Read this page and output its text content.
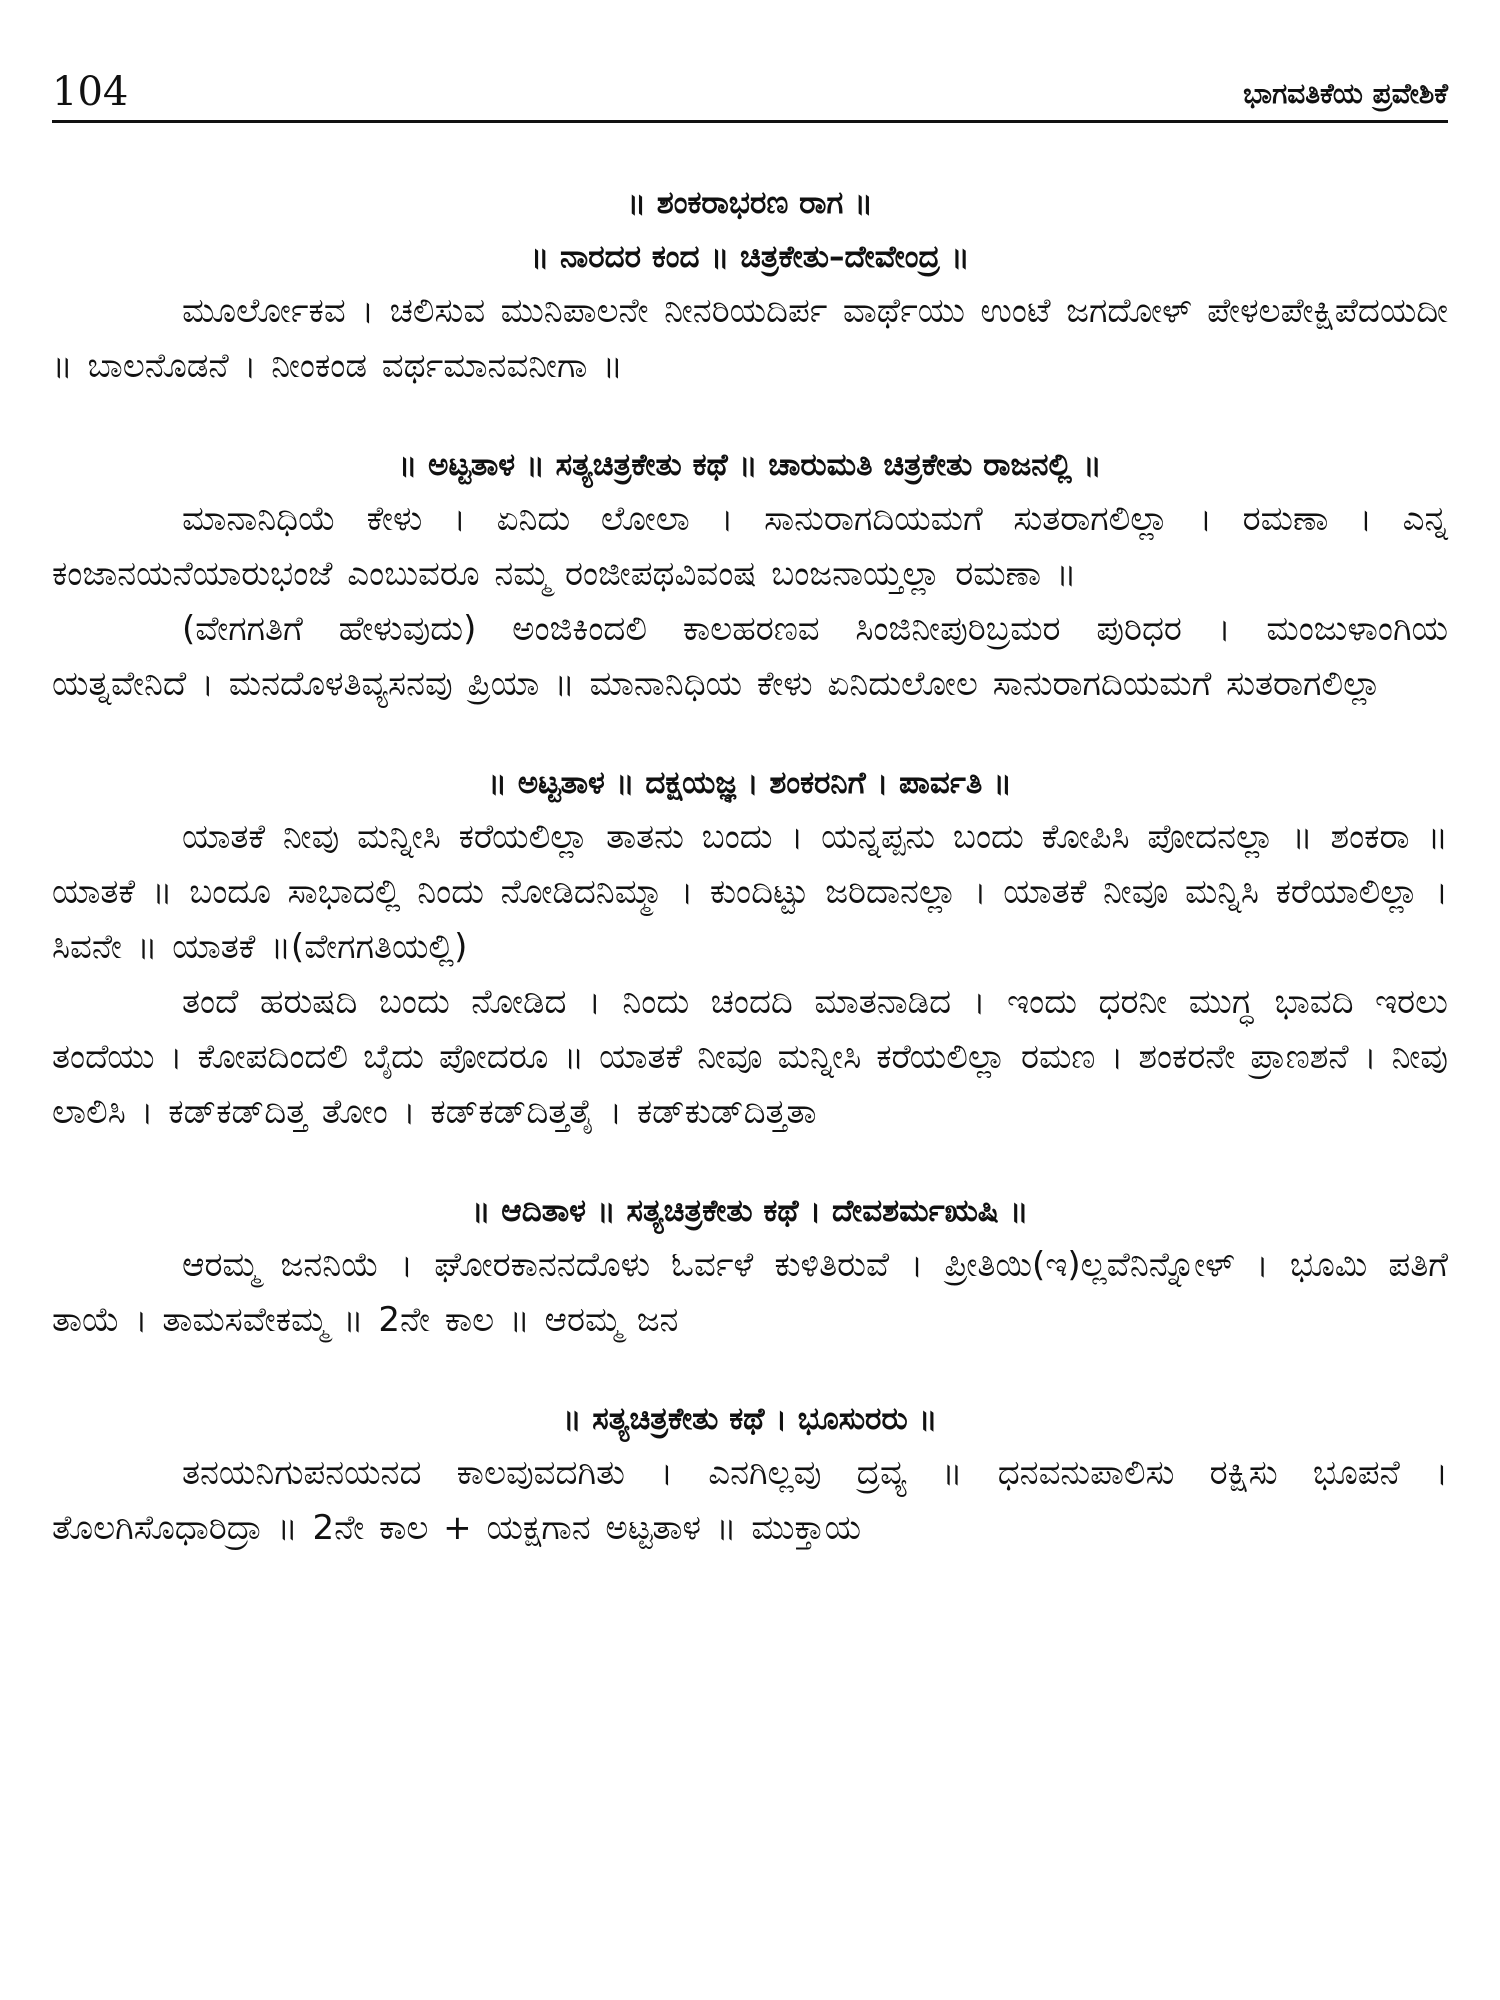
104	ಭಾಗವತಿಕೆಯ ಪ್ರವೇಶಿಕೆ
॥ ಶಂಕರಾಭರಣ ರಾಗ ॥
॥ ನಾರದರ ಕಂದ ॥ ಚಿತ್ರಕೇತು–ದೇವೇಂದ್ರ ॥

ಮೂರ್ಲೋಕವ । ಚಲಿಸುವ ಮುನಿಪಾಲನೇ ನೀನರಿಯದಿರ್ಪ ವಾರ್ಥೆಯು ಉಂಟೆ ಜಗದೋಳ್ ಪೇಳಲಪೇಕ್ಷಿಪೆದಯದೀ ॥ ಬಾಲನೊಡನೆ । ನೀಂಕಂಡ ವರ್ಥಮಾನವನೀಗಾ ॥

॥ ಅಟ್ಟತಾಳ ॥ ಸತ್ಯಚಿತ್ರಕೇತು ಕಥೆ ॥ ಚಾರುಮತಿ ಚಿತ್ರಕೇತು ರಾಜನಲ್ಲಿ ॥

ಮಾನಾನಿಧಿಯೆ ಕೇಳು । ಏನಿದು ಲೋಲಾ । ಸಾನುರಾಗದಿಯಮಗೆ ಸುತರಾಗಲಿಲ್ಲಾ । ರಮಣಾ । ಎನ್ನ ಕಂಜಾನಯನೆಯಾರುಭಂಜೆ ಎಂಬುವರೂ ನಮ್ಮ ರಂಜೀಪಥವಿವಂಷ ಬಂಜನಾಯ್ತಲ್ಲಾ ರಮಣಾ ॥

(ವೇಗಗತಿಗೆ ಹೇಳುವುದು) ಅಂಜಿಕಿಂದಲಿ ಕಾಲಹರಣವ ಸಿಂಜಿನೀಪುರಿಬ್ರಮರ ಪುರಿಧರ । ಮಂಜುಳಾಂಗಿಯ ಯತ್ನವೇನಿದೆ । ಮನದೊಳತಿವ್ಯಸನವು ಪ್ರಿಯಾ ॥ ಮಾನಾನಿಧಿಯ ಕೇಳು ಏನಿದುಲೋಲ ಸಾನುರಾಗದಿಯಮಗೆ ಸುತರಾಗಲಿಲ್ಲಾ

॥ ಅಟ್ಟತಾಳ ॥ ದಕ್ಷಯಜ್ಞ । ಶಂಕರನಿಗೆ । ಪಾರ್ವತಿ ॥

ಯಾತಕೆ ನೀವು ಮನ್ನೀಸಿ ಕರೆಯಲಿಲ್ಲಾ ತಾತನು ಬಂದು । ಯನ್ನಪ್ಪನು ಬಂದು ಕೋಪಿಸಿ ಪೋದನಲ್ಲಾ ॥ ಶಂಕರಾ ॥ ಯಾತಕೆ ॥ ಬಂದೂ ಸಾಭಾದಲ್ಲಿ ನಿಂದು ನೋಡಿದನಿಮ್ಮಾ । ಕುಂದಿಟ್ಟು ಜರಿದಾನಲ್ಲಾ । ಯಾತಕೆ ನೀವೂ ಮನ್ನಿಸಿ ಕರೆಯಾಲಿಲ್ಲಾ । ಸಿವನೇ ॥ ಯಾತಕೆ ॥(ವೇಗಗತಿಯಲ್ಲಿ)

ತಂದೆ ಹರುಷದಿ ಬಂದು ನೋಡಿದ । ನಿಂದು ಚಂದದಿ ಮಾತನಾಡಿದ । ಇಂದು ಧರನೀ ಮುಗ್ಧ ಭಾವದಿ ಇರಲು ತಂದೆಯು । ಕೋಪದಿಂದಲಿ ಬೈದು ಪೋದರೂ ॥ ಯಾತಕೆ ನೀವೂ ಮನ್ನೀಸಿ ಕರೆಯಲಿಲ್ಲಾ ರಮಣ । ಶಂಕರನೇ ಪ್ರಾಣಶನೆ । ನೀವು ಲಾಲಿಸಿ । ಕಡ್‌ಕಡ್‌ದಿತ್ತ ತೋಂ । ಕಡ್‌ಕಡ್‌ದಿತ್ತತೈ । ಕಡ್‌ಕುಡ್‌ದಿತ್ತತಾ

॥ ಆದಿತಾಳ ॥ ಸತ್ಯಚಿತ್ರಕೇತು ಕಥೆ । ದೇವಶರ್ಮಋಷಿ ॥

ಆರಮ್ಮ ಜನನಿಯೆ । ಘೋರಕಾನನದೊಳು ಓರ್ವಳೆ ಕುಳಿತಿರುವೆ । ಪ್ರೀತಿಯಿ(ಇ)ಲ್ಲವೆನಿನ್ನೋಳ್ । ಭೂಮಿ ಪತಿಗೆ ತಾಯೆ । ತಾಮಸವೇಕಮ್ಮ ॥ 2ನೇ ಕಾಲ ॥ ಆರಮ್ಮ ಜನ

॥ ಸತ್ಯಚಿತ್ರಕೇತು ಕಥೆ । ಭೂಸುರರು ॥

ತನಯನಿಗುಪನಯನದ ಕಾಲವುವದಗಿತು । ಎನಗಿಲ್ಲವು ದ್ರವ್ಯ ॥ ಧನವನುಪಾಲಿಸು ರಕ್ಷಿಸು ಭೂಪನೆ । ತೊಲಗಿಸೊಧಾರಿದ್ರಾ ॥ 2ನೇ ಕಾಲ + ಯಕ್ಷಗಾನ ಅಟ್ಟತಾಳ ॥ ಮುಕ್ತಾಯ
